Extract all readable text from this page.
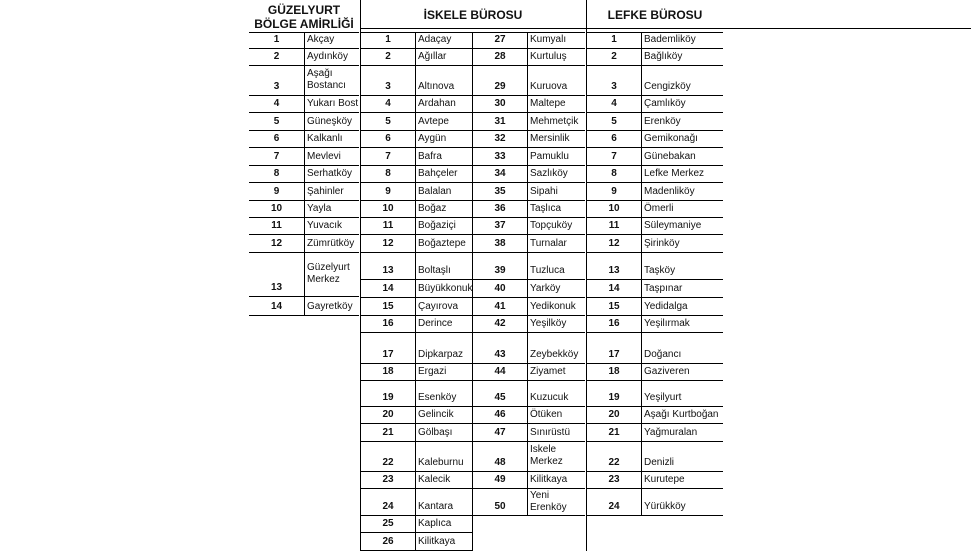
GÜZELYURT BÖLGE AMİRLİĞİ
İSKELE BÜROSU	LEFKE BÜROSU
1	Akçay
2	Aydınköy
3
Aşağı
Bostancı
4	Yukarı Bost
5	Güneşköy
6	Kalkanlı
7	Mevlevi
8	Serhatköy
9	Şahinler
10	Yayla
11	Yuvacık
12	Zümrütköy
13
Güzelyurt
Merkez
14	Gayretköy
1	Adaçay
2	Ağıllar
3	Altınova
4	Ardahan
5	Avtepe
6	Aygün
7	Bafra
8	Bahçeler
9	Balalan
10	Boğaz
11	Boğaziçi
12	Boğaztepe
13	Boltaşlı
14	Büyükkonuk
15	Çayırova
16	Derince
17	Dipkarpaz
18	Ergazi
19	Esenköy
20	Gelincik
21	Gölbaşı
22	Kaleburnu
23	Kalecik
24	Kantara
25	Kaplıca
26	Kilitkaya
27	Kumyalı
28	Kurtuluş
29	Kuruova
30	Maltepe
31	Mehmetçik
32	Mersinlik
33	Pamuklu
34	Sazlıköy
35	Sipahi
36	Taşlıca
37	Topçuköy
38	Turnalar
39	Tuzluca
40	Yarköy
41	Yedikonuk
42	Yeşilköy
43	Zeybekköy
44	Ziyamet
45	Kuzucuk
46	Ötüken
47	Sınırüstü
48
İskele
Merkez
49	Kilitkaya
50
Yeni
Erenköy
1	Bademliköy
2	Bağlıköy
3	Cengizköy
4	Çamlıköy
5	Erenköy
6	Gemikonağı
7	Günebakan
8	Lefke Merkez
9	Madenliköy
10	Ömerli
11	Süleymaniye
12	Şirinköy
13	Taşköy
14	Taşpınar
15	Yedidalga
16	Yeşilırmak
17	Doğancı
18	Gaziveren
19	Yeşilyurt
20	Aşağı Kurtboğan
21	Yağmuralan
22	Denizli
23	Kurutepe
24	Yürükköy
